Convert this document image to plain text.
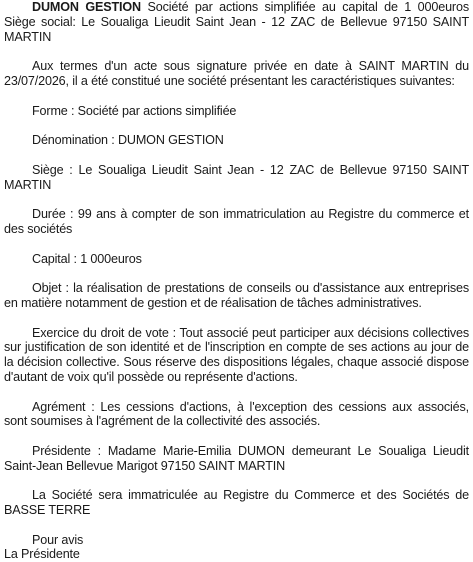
DUMON GESTION Société par actions simplifiée au capital de 1 000euros Siège social: Le Soualiga Lieudit Saint Jean - 12 ZAC de Bellevue 97150 SAINT MARTIN

Aux termes d'un acte sous signature privée en date à SAINT MARTIN du 23/07/2026, il a été constitué une société présentant les caractéristiques suivantes:

Forme : Société par actions simplifiée

Dénomination : DUMON GESTION

Siège : Le Soualiga Lieudit Saint Jean - 12 ZAC de Bellevue 97150 SAINT MARTIN

Durée : 99 ans à compter de son immatriculation au Registre du commerce et des sociétés

Capital : 1 000euros

Objet : la réalisation de prestations de conseils ou d'assistance aux entreprises en matière notamment de gestion et de réalisation de tâches administratives.

Exercice du droit de vote : Tout associé peut participer aux décisions collectives sur justification de son identité et de l'inscription en compte de ses actions au jour de la décision collective. Sous réserve des dispositions légales, chaque associé dispose d'autant de voix qu'il possède ou représente d'actions.

Agrément : Les cessions d'actions, à l'exception des cessions aux associés, sont soumises à l'agrément de la collectivité des associés.

Présidente : Madame Marie-Emilia DUMON demeurant Le Soualiga Lieudit Saint-Jean Bellevue Marigot 97150 SAINT MARTIN

La Société sera immatriculée au Registre du Commerce et des Sociétés de BASSE TERRE

Pour avis
La Présidente
